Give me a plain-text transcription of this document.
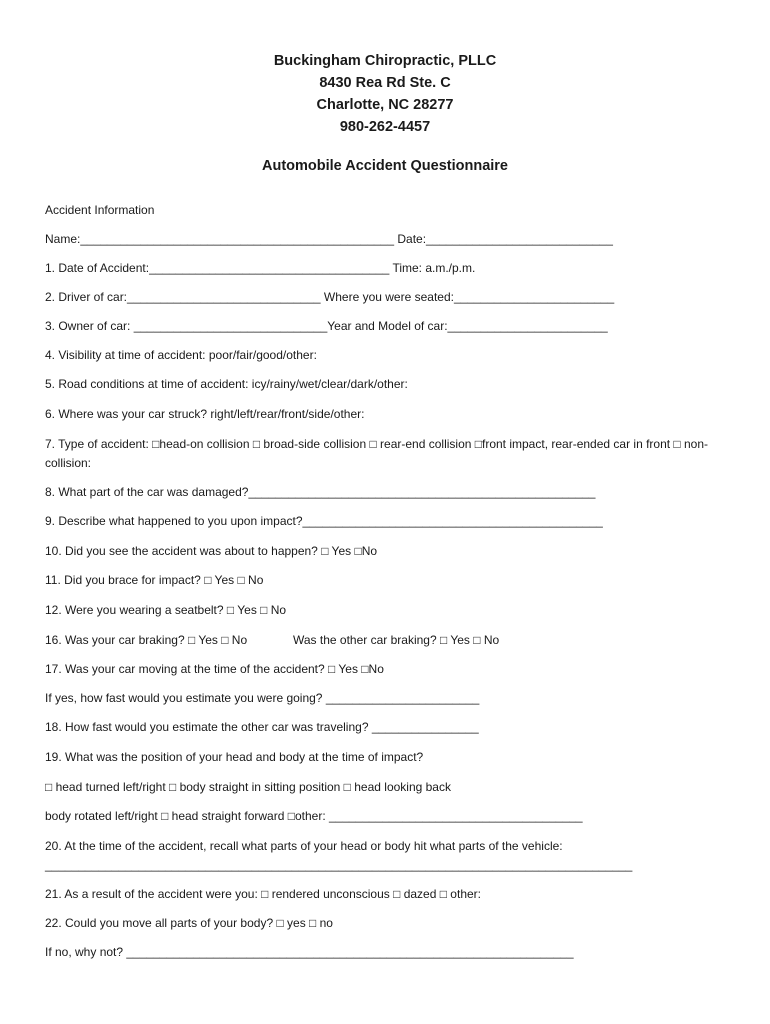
Buckingham Chiropractic, PLLC
8430 Rea Rd Ste. C
Charlotte, NC 28277
980-262-4457
Automobile Accident Questionnaire
Accident Information
Name:_______________________________________________ Date:____________________________
1. Date of Accident:____________________________________ Time: a.m./p.m.
2. Driver of car:_____________________________ Where you were seated:________________________
3. Owner of car: _____________________________Year and Model of car:________________________
4. Visibility at time of accident: poor/fair/good/other:
5. Road conditions at time of accident: icy/rainy/wet/clear/dark/other:
6. Where was your car struck? right/left/rear/front/side/other:
7. Type of accident: □head-on collision □ broad-side collision □ rear-end collision □front impact, rear-ended car in front □ non-collision:
8. What part of the car was damaged?____________________________________________________
9. Describe what happened to you upon impact?_____________________________________________
10. Did you see the accident was about to happen? □ Yes □No
11. Did you brace for impact? □ Yes □ No
12. Were you wearing a seatbelt? □ Yes □ No
16. Was your car braking? □ Yes □ No	Was the other car braking? □ Yes □ No
17. Was your car moving at the time of the accident? □ Yes □No
If yes, how fast would you estimate you were going? _______________________
18. How fast would you estimate the other car was traveling? ________________
19. What was the position of your head and body at the time of impact?
□ head turned left/right □ body straight in sitting position □ head looking back
body rotated left/right □ head straight forward □other: ______________________________________
20. At the time of the accident, recall what parts of your head or body hit what parts of the vehicle:
________________________________________________________________________________________
21. As a result of the accident were you: □ rendered unconscious □ dazed □ other:
22. Could you move all parts of your body? □ yes □ no
If no, why not? ___________________________________________________________________
